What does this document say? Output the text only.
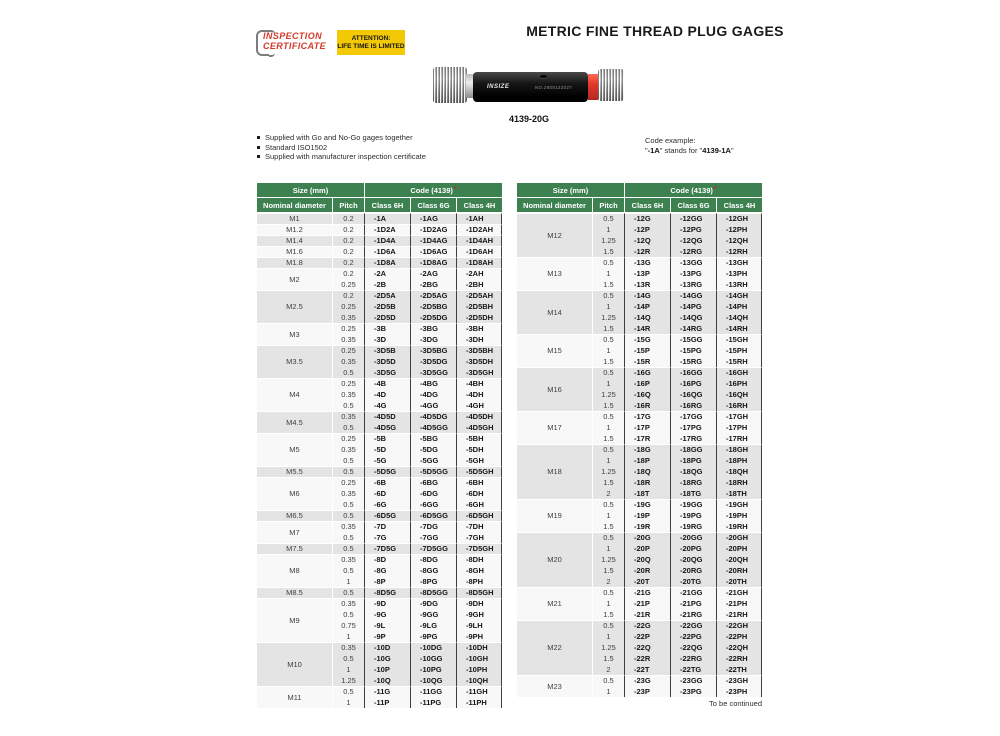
INSPECTION
CERTIFICATE
ATTENTION:
LIFE TIME IS LIMITED
METRIC FINE THREAD PLUG GAGES
INSIZE	NO.2809132027
4139-20G
Supplied with Go and No-Go gages together
Standard ISO1502
Supplied with manufacturer inspection certificate
Code example:
"-1A" stands for "4139-1A"
Size (mm)		Code (4139)*		
Nominal diameter	Pitch	Class 6H	Class 6G	Class 4H
M1	0.2	-1A	-1AG	-1AH
M1.2	0.2	-1D2A	-1D2AG	-1D2AH
M1.4	0.2	-1D4A	-1D4AG	-1D4AH
M1.6	0.2	-1D6A	-1D6AG	-1D6AH
M1.8	0.2	-1D8A	-1D8AG	-1D8AH
M2	0.2	-2A	-2AG	-2AH
	0.25	-2B	-2BG	-2BH
M2.5	0.2	-2D5A	-2D5AG	-2D5AH
	0.25	-2D5B	-2D5BG	-2D5BH
	0.35	-2D5D	-2D5DG	-2D5DH
M3	0.25	-3B	-3BG	-3BH
	0.35	-3D	-3DG	-3DH
M3.5	0.25	-3D5B	-3D5BG	-3D5BH
	0.35	-3D5D	-3D5DG	-3D5DH
	0.5	-3D5G	-3D5GG	-3D5GH
M4	0.25	-4B	-4BG	-4BH
	0.35	-4D	-4DG	-4DH
	0.5	-4G	-4GG	-4GH
M4.5	0.35	-4D5D	-4D5DG	-4D5DH
	0.5	-4D5G	-4D5GG	-4D5GH
M5	0.25	-5B	-5BG	-5BH
	0.35	-5D	-5DG	-5DH
	0.5	-5G	-5GG	-5GH
M5.5	0.5	-5D5G	-5D5GG	-5D5GH
M6	0.25	-6B	-6BG	-6BH
	0.35	-6D	-6DG	-6DH
	0.5	-6G	-6GG	-6GH
M6.5	0.5	-6D5G	-6D5GG	-6D5GH
M7	0.35	-7D	-7DG	-7DH
	0.5	-7G	-7GG	-7GH
M7.5	0.5	-7D5G	-7D5GG	-7D5GH
M8	0.35	-8D	-8DG	-8DH
	0.5	-8G	-8GG	-8GH
	1	-8P	-8PG	-8PH
M8.5	0.5	-8D5G	-8D5GG	-8D5GH
M9	0.35	-9D	-9DG	-9DH
	0.5	-9G	-9GG	-9GH
	0.75	-9L	-9LG	-9LH
	1	-9P	-9PG	-9PH
M10	0.35	-10D	-10DG	-10DH
	0.5	-10G	-10GG	-10GH
	1	-10P	-10PG	-10PH
	1.25	-10Q	-10QG	-10QH
M11	0.5	-11G	-11GG	-11GH
	1	-11P	-11PG	-11PH
Size (mm)		Code (4139)*		
Nominal diameter	Pitch	Class 6H	Class 6G	Class 4H
M12	0.5	-12G	-12GG	-12GH
	1	-12P	-12PG	-12PH
	1.25	-12Q	-12QG	-12QH
	1.5	-12R	-12RG	-12RH
M13	0.5	-13G	-13GG	-13GH
	1	-13P	-13PG	-13PH
	1.5	-13R	-13RG	-13RH
M14	0.5	-14G	-14GG	-14GH
	1	-14P	-14PG	-14PH
	1.25	-14Q	-14QG	-14QH
	1.5	-14R	-14RG	-14RH
M15	0.5	-15G	-15GG	-15GH
	1	-15P	-15PG	-15PH
	1.5	-15R	-15RG	-15RH
M16	0.5	-16G	-16GG	-16GH
	1	-16P	-16PG	-16PH
	1.25	-16Q	-16QG	-16QH
	1.5	-16R	-16RG	-16RH
M17	0.5	-17G	-17GG	-17GH
	1	-17P	-17PG	-17PH
	1.5	-17R	-17RG	-17RH
M18	0.5	-18G	-18GG	-18GH
	1	-18P	-18PG	-18PH
	1.25	-18Q	-18QG	-18QH
	1.5	-18R	-18RG	-18RH
	2	-18T	-18TG	-18TH
M19	0.5	-19G	-19GG	-19GH
	1	-19P	-19PG	-19PH
	1.5	-19R	-19RG	-19RH
M20	0.5	-20G	-20GG	-20GH
	1	-20P	-20PG	-20PH
	1.25	-20Q	-20QG	-20QH
	1.5	-20R	-20RG	-20RH
	2	-20T	-20TG	-20TH
M21	0.5	-21G	-21GG	-21GH
	1	-21P	-21PG	-21PH
	1.5	-21R	-21RG	-21RH
M22	0.5	-22G	-22GG	-22GH
	1	-22P	-22PG	-22PH
	1.25	-22Q	-22QG	-22QH
	1.5	-22R	-22RG	-22RH
	2	-22T	-22TG	-22TH
M23	0.5	-23G	-23GG	-23GH
	1	-23P	-23PG	-23PH
To be continued
